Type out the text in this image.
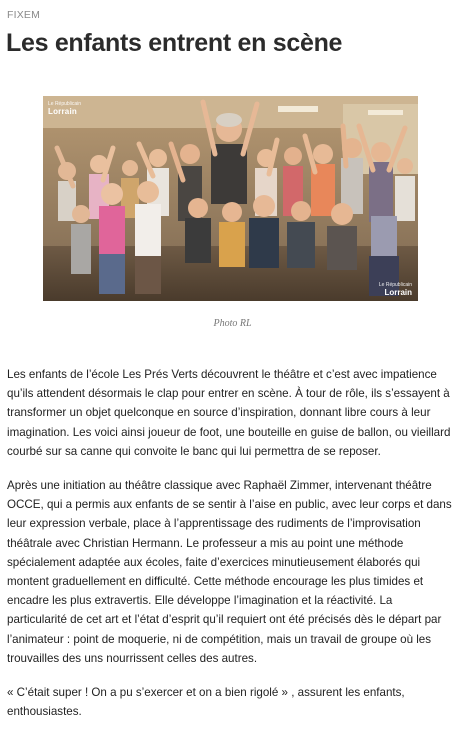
FIXEM
Les enfants entrent en scène
Le Républicain
Lorrain
Le Républicain
Lorrain
Photo RL

Les enfants de l’école Les Prés Verts découvrent le théâtre et c’est avec impatience qu’ils attendent désormais le clap pour entrer en scène. À tour de rôle, ils s’essayent à transformer un objet quelconque en source d’inspiration, donnant libre cours à leur imagination. Les voici ainsi joueur de foot, une bouteille en guise de ballon, ou vieillard courbé sur sa canne qui convoite le banc qui lui permettra de se reposer.

Après une initiation au théâtre classique avec Raphaël Zimmer, intervenant théâtre OCCE, qui a permis aux enfants de se sentir à l’aise en public, avec leur corps et dans leur expression verbale, place à l’apprentissage des rudiments de l’improvisation théâtrale avec Christian Hermann. Le professeur a mis au point une méthode spécialement adaptée aux écoles, faite d’exercices minutieusement élaborés qui montent graduellement en difficulté. Cette méthode encourage les plus timides et encadre les plus extravertis. Elle développe l’imagination et la réactivité. La particularité de cet art et l’état d’esprit qu’il requiert ont été précisés dès le départ par l’animateur : point de moquerie, ni de compétition, mais un travail de groupe où les trouvailles des uns nourrissent celles des autres.

« C’était super ! On a pu s’exercer et on a bien rigolé » , assurent les enfants, enthousiastes.
